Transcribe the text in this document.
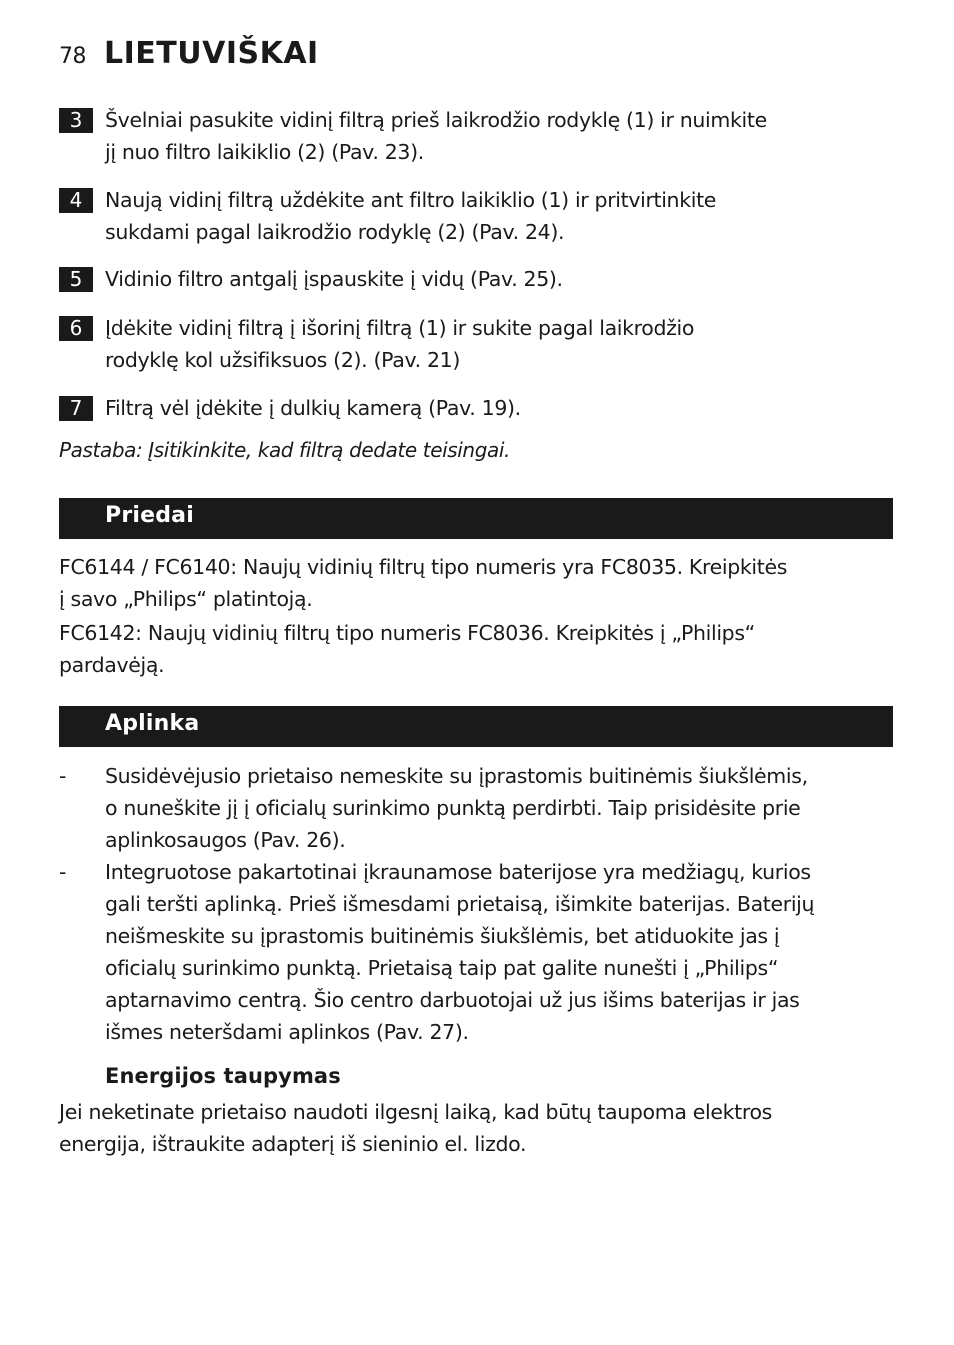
78 LIETUVIŠKAI
3	Švelniai pasukite vidinį filtrą prieš laikrodžio rodyklę (1) ir nuimkite
jį nuo filtro laikiklio (2) (Pav. 23).
4	Naują vidinį filtrą uždėkite ant filtro laikiklio (1) ir pritvirtinkite
sukdami pagal laikrodžio rodyklę (2) (Pav. 24).
5	Vidinio filtro antgalį įspauskite į vidų (Pav. 25).
6	Įdėkite vidinį filtrą į išorinį filtrą (1) ir sukite pagal laikrodžio
rodyklę kol užsifiksuos (2). (Pav. 21)
7	Filtrą vėl įdėkite į dulkių kamerą (Pav. 19).
Pastaba: Įsitikinkite, kad filtrą dedate teisingai.
Priedai
FC6144 / FC6140: Naujų vidinių filtrų tipo numeris yra FC8035. Kreipkitės
į savo „Philips“ platintoją.
FC6142: Naujų vidinių filtrų tipo numeris FC8036. Kreipkitės į „Philips“
pardavėją.
Aplinka
-	Susidėvėjusio prietaiso nemeskite su įprastomis buitinėmis šiukšlėmis,
o nuneškite jį į oficialų surinkimo punktą perdirbti. Taip prisidėsite prie
aplinkosaugos (Pav. 26).
-	Integruotose pakartotinai įkraunamose baterijose yra medžiagų, kurios
gali teršti aplinką. Prieš išmesdami prietaisą, išimkite baterijas. Baterijų
neišmeskite su įprastomis buitinėmis šiukšlėmis, bet atiduokite jas į
oficialų surinkimo punktą. Prietaisą taip pat galite nunešti į „Philips“
aptarnavimo centrą. Šio centro darbuotojai už jus išims baterijas ir jas
išmes neteršdami aplinkos (Pav. 27).
Energijos taupymas
Jei neketinate prietaiso naudoti ilgesnį laiką, kad būtų taupoma elektros
energija, ištraukite adapterį iš sieninio el. lizdo.
